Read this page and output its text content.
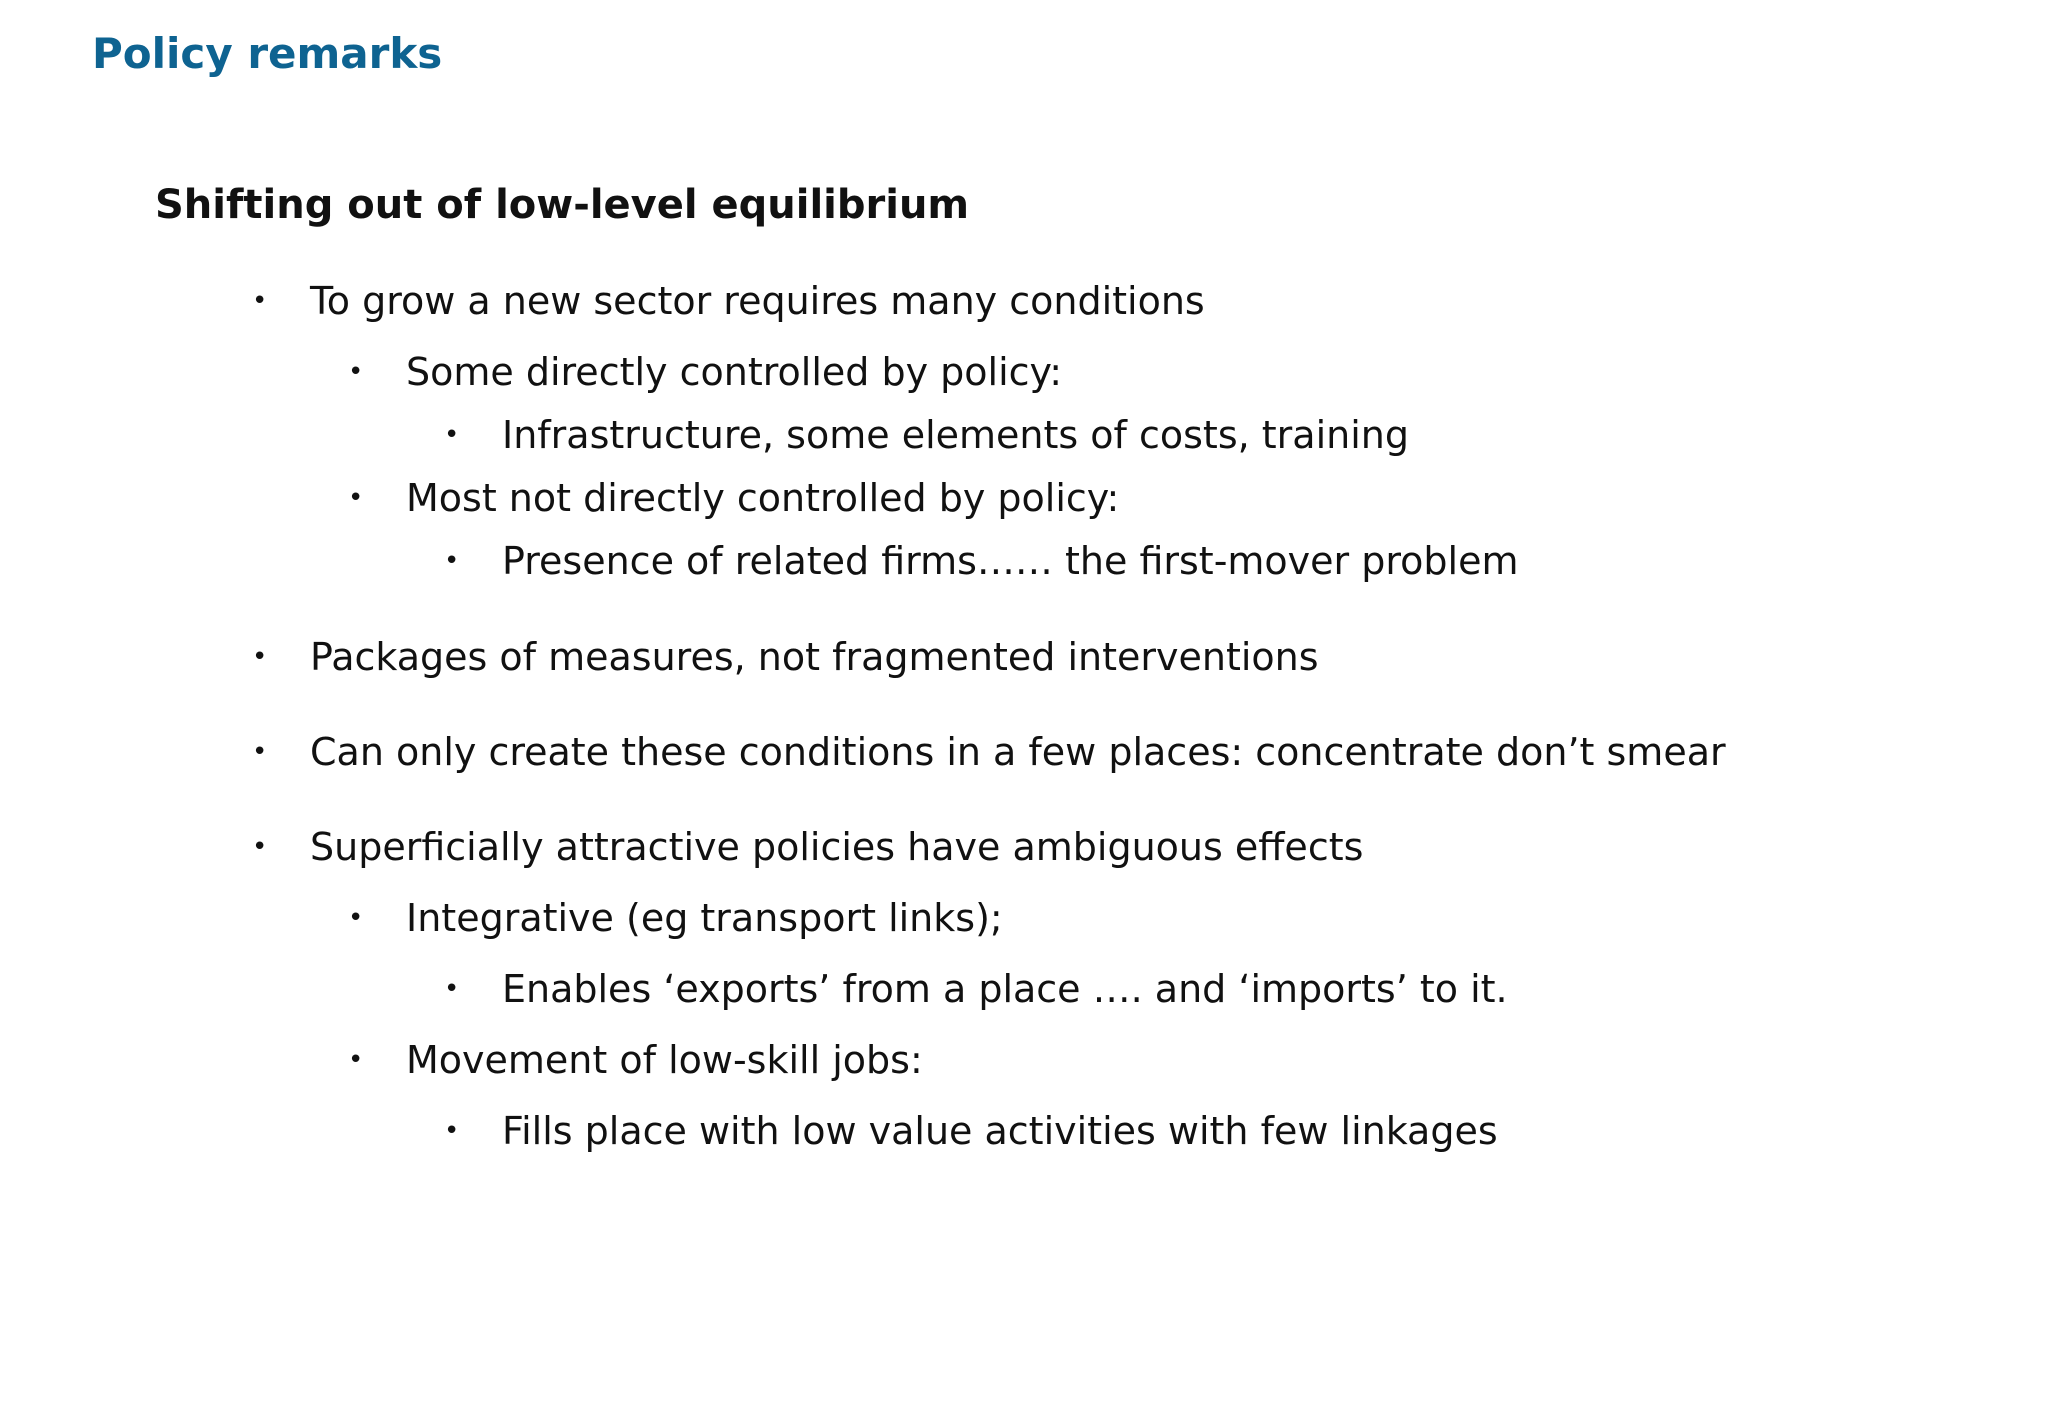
Policy remarks
Shifting out of low-level equilibrium
• To grow a new sector requires many conditions
• Some directly controlled by policy:
• Infrastructure, some elements of costs, training
• Most not directly controlled by policy:
• Presence of related firms…… the first-mover problem
• Packages of measures, not fragmented interventions
• Can only create these conditions in a few places: concentrate don’t smear
• Superficially attractive policies have ambiguous effects
• Integrative (eg transport links);
• Enables ‘exports’ from a place …. and ‘imports’ to it.
• Movement of low-skill jobs:
• Fills place with low value activities with few linkages
